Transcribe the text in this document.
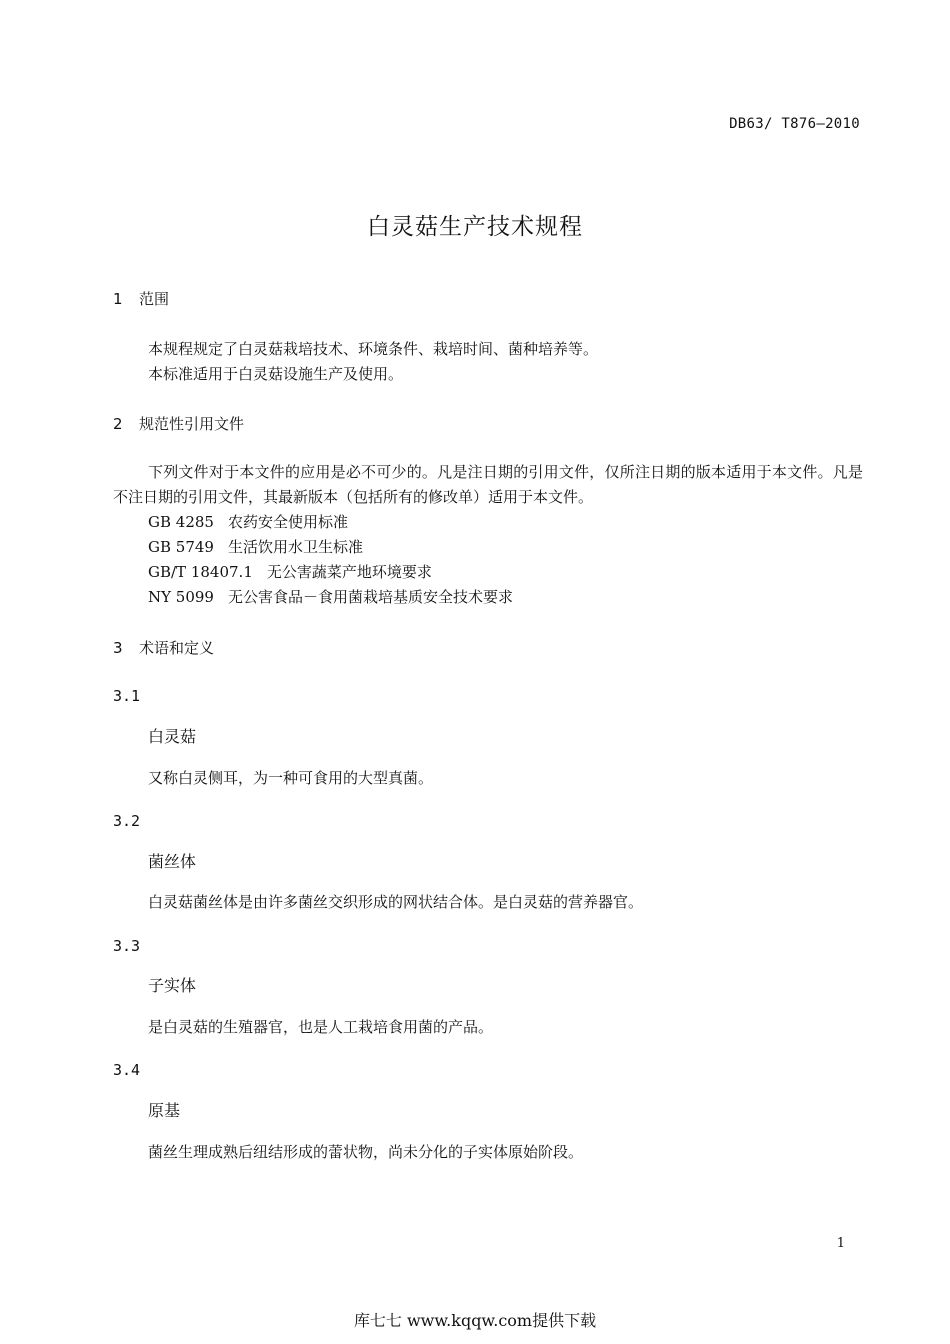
DB63/ T876—2010
白灵菇生产技术规程
1 范围
本规程规定了白灵菇栽培技术、环境条件、栽培时间、菌种培养等。
本标准适用于白灵菇设施生产及使用。
2 规范性引用文件
下列文件对于本文件的应用是必不可少的。凡是注日期的引用文件，仅所注日期的版本适用于本文件。凡是不注日期的引用文件，其最新版本（包括所有的修改单）适用于本文件。
GB 4285 农药安全使用标准
GB 5749 生活饮用水卫生标准
GB/T 18407.1 无公害蔬菜产地环境要求
NY 5099 无公害食品－食用菌栽培基质安全技术要求
3 术语和定义
3.1
白灵菇
又称白灵侧耳，为一种可食用的大型真菌。
3.2
菌丝体
白灵菇菌丝体是由许多菌丝交织形成的网状结合体。是白灵菇的营养器官。
3.3
子实体
是白灵菇的生殖器官，也是人工栽培食用菌的产品。
3.4
原基
菌丝生理成熟后纽结形成的蕾状物，尚未分化的子实体原始阶段。
1
库七七 www.kqqw.com提供下载
